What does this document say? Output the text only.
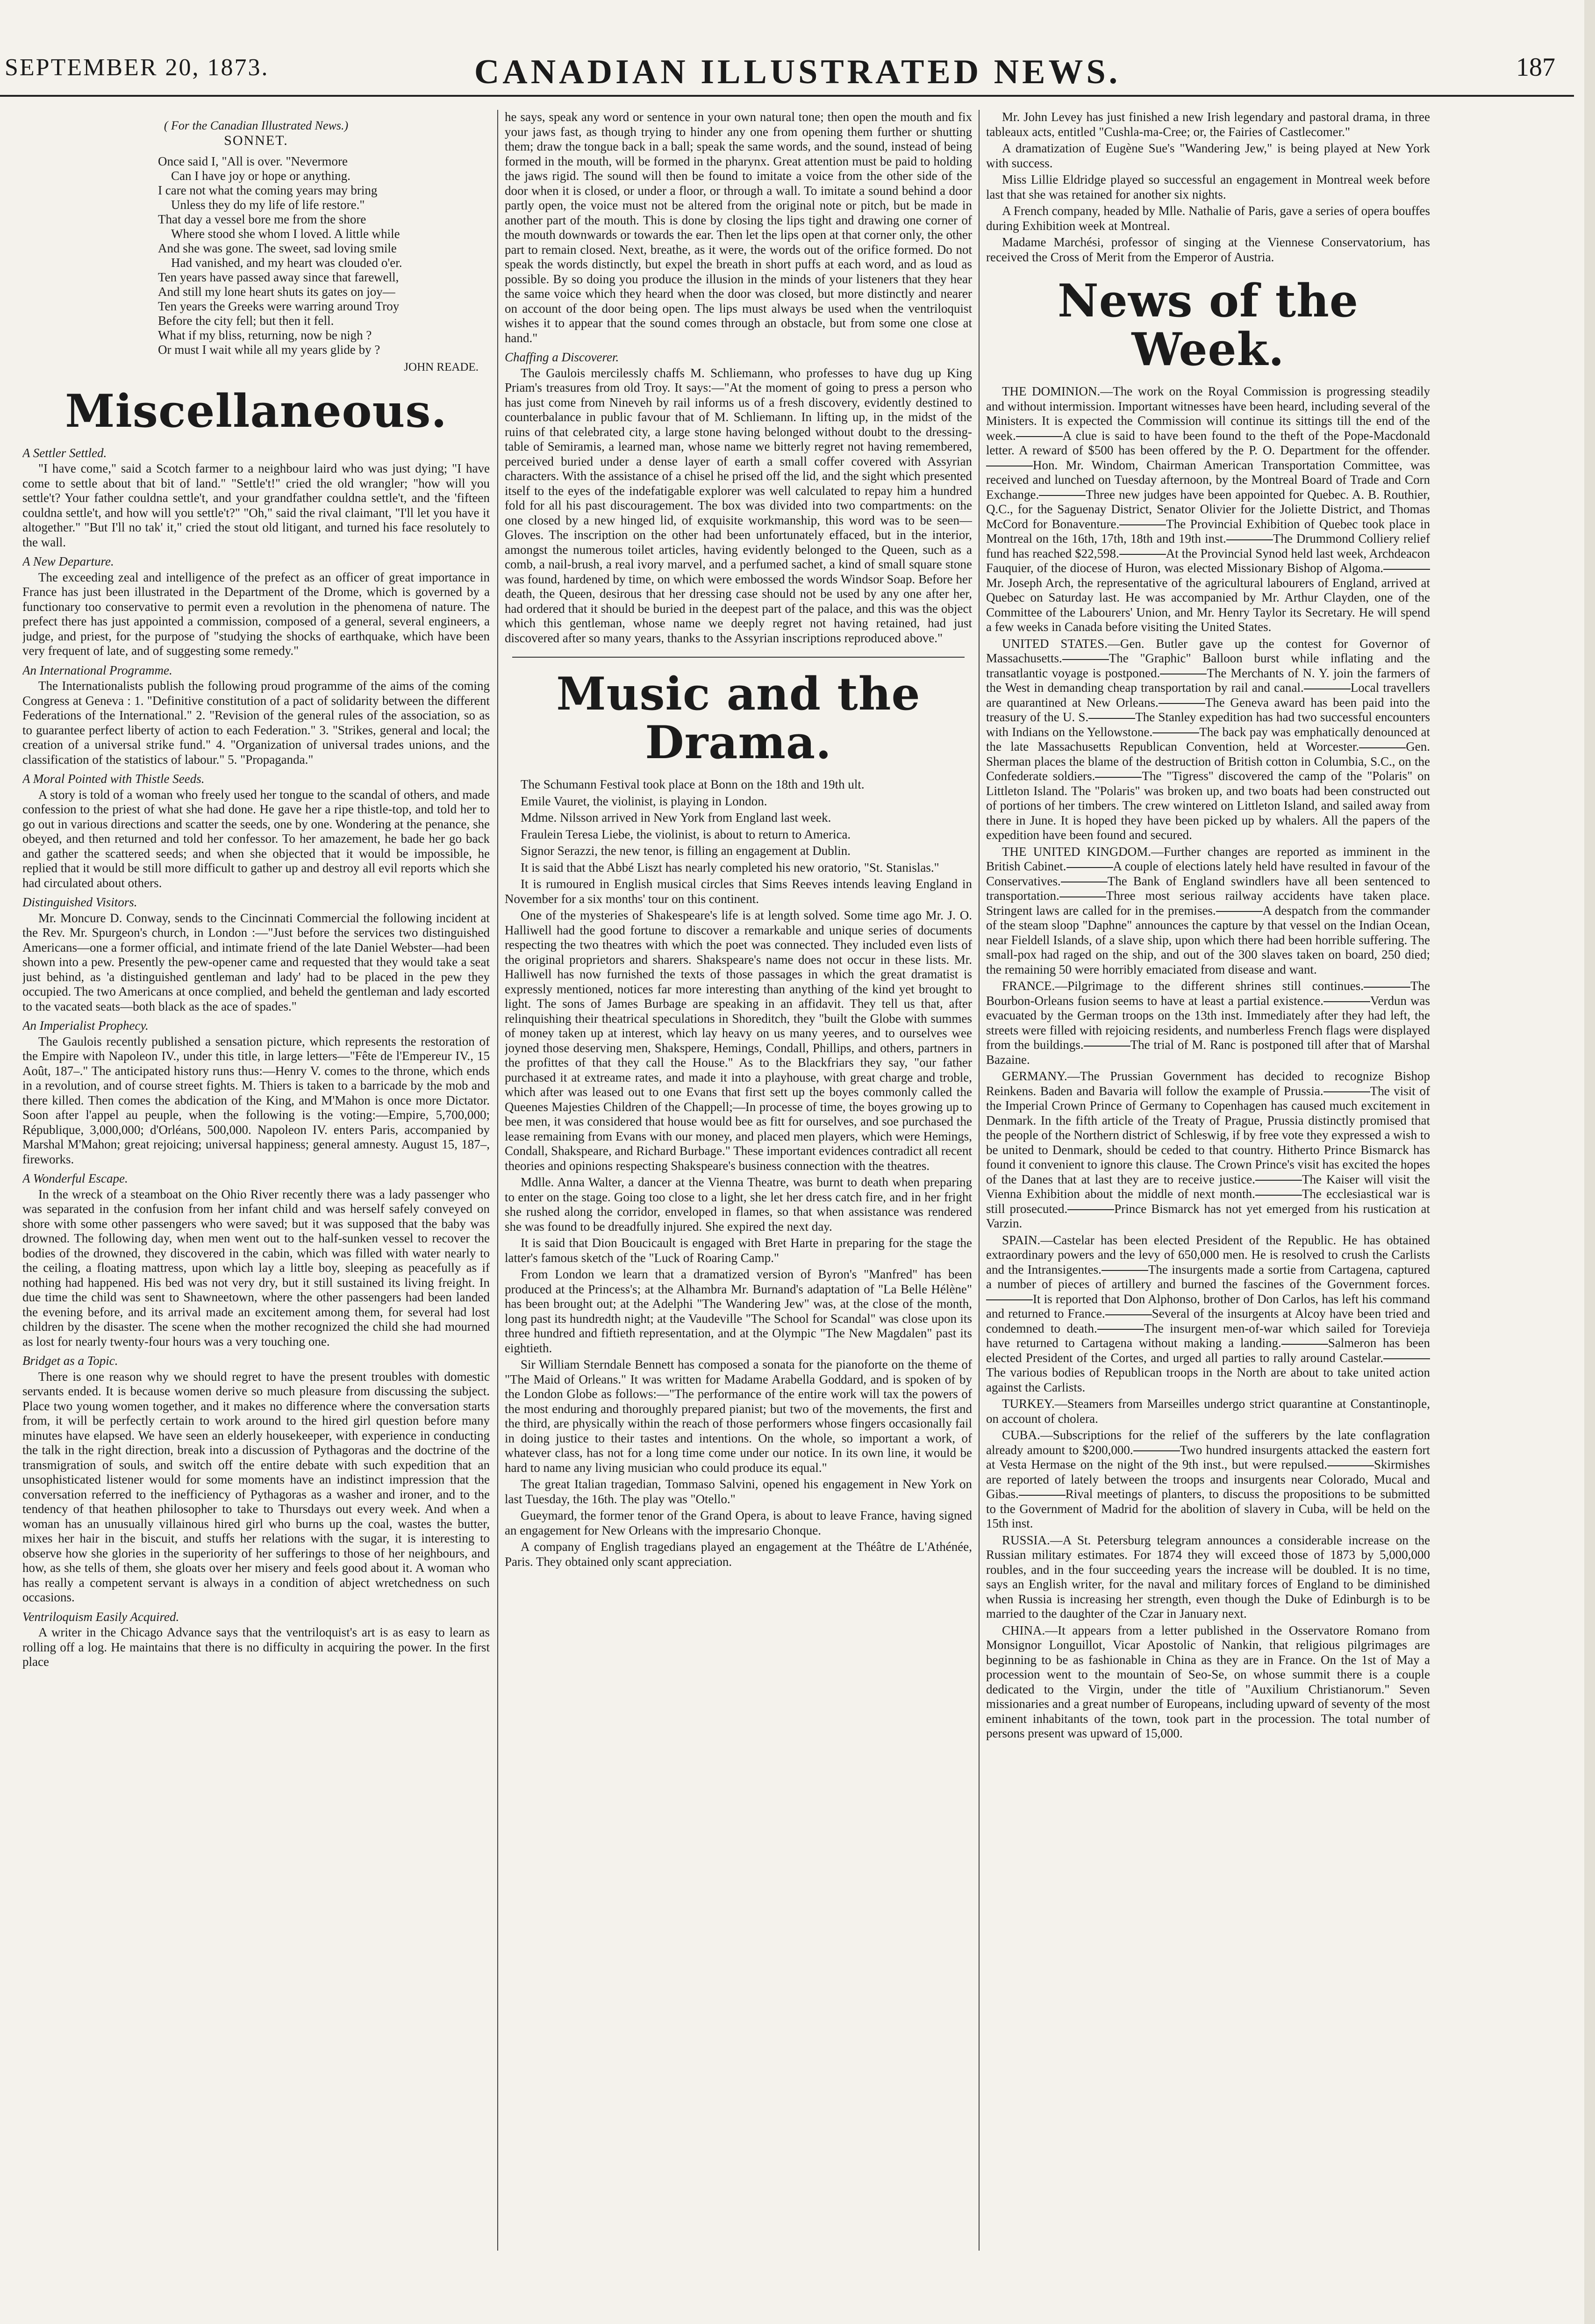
SEPTEMBER 20, 1873.	CANADIAN ILLUSTRATED NEWS.	187
( For the Canadian Illustrated News.)
SONNET.
Once said I, "All is over. "Nevermore
Can I have joy or hope or anything.
I care not what the coming years may bring
Unless they do my life of life restore."
That day a vessel bore me from the shore
Where stood she whom I loved. A little while
And she was gone. The sweet, sad loving smile
Had vanished, and my heart was clouded o'er.
Ten years have passed away since that farewell,
And still my lone heart shuts its gates on joy—
Ten years the Greeks were warring around Troy
Before the city fell; but then it fell.
What if my bliss, returning, now be nigh ?
Or must I wait while all my years glide by ?
JOHN READE.
Miscellaneous.
A Settler Settled.

"I have come," said a Scotch farmer to a neighbour laird who was just dying; "I have come to settle about that bit of land." "Settle't!" cried the old wrangler; "how will you settle't? Your father couldna settle't, and your grandfather couldna settle't, and the 'fifteen couldna settle't, and how will you settle't?" "Oh," said the rival claimant, "I'll let you have it altogether." "But I'll no tak' it," cried the stout old litigant, and turned his face resolutely to the wall.

A New Departure.

The exceeding zeal and intelligence of the prefect as an officer of great importance in France has just been illustrated in the Department of the Drome, which is governed by a functionary too conservative to permit even a revolution in the phenomena of nature. The prefect there has just appointed a commission, composed of a general, several engineers, a judge, and priest, for the purpose of "studying the shocks of earthquake, which have been very frequent of late, and of suggesting some remedy."

An International Programme.

The Internationalists publish the following proud programme of the aims of the coming Congress at Geneva : 1. "Definitive constitution of a pact of solidarity between the different Federations of the International." 2. "Revision of the general rules of the association, so as to guarantee perfect liberty of action to each Federation." 3. "Strikes, general and local; the creation of a universal strike fund." 4. "Organization of universal trades unions, and the classification of the statistics of labour." 5. "Propaganda."

A Moral Pointed with Thistle Seeds.

A story is told of a woman who freely used her tongue to the scandal of others, and made confession to the priest of what she had done. He gave her a ripe thistle-top, and told her to go out in various directions and scatter the seeds, one by one. Wondering at the penance, she obeyed, and then returned and told her confessor. To her amazement, he bade her go back and gather the scattered seeds; and when she objected that it would be impossible, he replied that it would be still more difficult to gather up and destroy all evil reports which she had circulated about others.

Distinguished Visitors.

Mr. Moncure D. Conway, sends to the Cincinnati Commercial the following incident at the Rev. Mr. Spurgeon's church, in London :—"Just before the services two distinguished Americans—one a former official, and intimate friend of the late Daniel Webster—had been shown into a pew. Presently the pew-opener came and requested that they would take a seat just behind, as 'a distinguished gentleman and lady' had to be placed in the pew they occupied. The two Americans at once complied, and beheld the gentleman and lady escorted to the vacated seats—both black as the ace of spades."

An Imperialist Prophecy.

The Gaulois recently published a sensation picture, which represents the restoration of the Empire with Napoleon IV., under this title, in large letters—"Fête de l'Empereur IV., 15 Août, 187–." The anticipated history runs thus:—Henry V. comes to the throne, which ends in a revolution, and of course street fights. M. Thiers is taken to a barricade by the mob and there killed. Then comes the abdication of the King, and M'Mahon is once more Dictator. Soon after l'appel au peuple, when the following is the voting:—Empire, 5,700,000; République, 3,000,000; d'Orléans, 500,000. Napoleon IV. enters Paris, accompanied by Marshal M'Mahon; great rejoicing; universal happiness; general amnesty. August 15, 187–, fireworks.

A Wonderful Escape.

In the wreck of a steamboat on the Ohio River recently there was a lady passenger who was separated in the confusion from her infant child and was herself safely conveyed on shore with some other passengers who were saved; but it was supposed that the baby was drowned. The following day, when men went out to the half-sunken vessel to recover the bodies of the drowned, they discovered in the cabin, which was filled with water nearly to the ceiling, a floating mattress, upon which lay a little boy, sleeping as peacefully as if nothing had happened. His bed was not very dry, but it still sustained its living freight. In due time the child was sent to Shawneetown, where the other passengers had been landed the evening before, and its arrival made an excitement among them, for several had lost children by the disaster. The scene when the mother recognized the child she had mourned as lost for nearly twenty-four hours was a very touching one.

Bridget as a Topic.

There is one reason why we should regret to have the present troubles with domestic servants ended. It is because women derive so much pleasure from discussing the subject. Place two young women together, and it makes no difference where the conversation starts from, it will be perfectly certain to work around to the hired girl question before many minutes have elapsed. We have seen an elderly housekeeper, with experience in conducting the talk in the right direction, break into a discussion of Pythagoras and the doctrine of the transmigration of souls, and switch off the entire debate with such expedition that an unsophisticated listener would for some moments have an indistinct impression that the conversation referred to the inefficiency of Pythagoras as a washer and ironer, and to the tendency of that heathen philosopher to take to Thursdays out every week. And when a woman has an unusually villainous hired girl who burns up the coal, wastes the butter, mixes her hair in the biscuit, and stuffs her relations with the sugar, it is interesting to observe how she glories in the superiority of her sufferings to those of her neighbours, and how, as she tells of them, she gloats over her misery and feels good about it. A woman who has really a competent servant is always in a condition of abject wretchedness on such occasions.

Ventriloquism Easily Acquired.

A writer in the Chicago Advance says that the ventriloquist's art is as easy to learn as rolling off a log. He maintains that there is no difficulty in acquiring the power. In the first place

he says, speak any word or sentence in your own natural tone; then open the mouth and fix your jaws fast, as though trying to hinder any one from opening them further or shutting them; draw the tongue back in a ball; speak the same words, and the sound, instead of being formed in the mouth, will be formed in the pharynx. Great attention must be paid to holding the jaws rigid. The sound will then be found to imitate a voice from the other side of the door when it is closed, or under a floor, or through a wall. To imitate a sound behind a door partly open, the voice must not be altered from the original note or pitch, but be made in another part of the mouth. This is done by closing the lips tight and drawing one corner of the mouth downwards or towards the ear. Then let the lips open at that corner only, the other part to remain closed. Next, breathe, as it were, the words out of the orifice formed. Do not speak the words distinctly, but expel the breath in short puffs at each word, and as loud as possible. By so doing you produce the illusion in the minds of your listeners that they hear the same voice which they heard when the door was closed, but more distinctly and nearer on account of the door being open. The lips must always be used when the ventriloquist wishes it to appear that the sound comes through an obstacle, but from some one close at hand."

Chaffing a Discoverer.

The Gaulois mercilessly chaffs M. Schliemann, who professes to have dug up King Priam's treasures from old Troy. It says:—"At the moment of going to press a person who has just come from Nineveh by rail informs us of a fresh discovery, evidently destined to counterbalance in public favour that of M. Schliemann. In lifting up, in the midst of the ruins of that celebrated city, a large stone having belonged without doubt to the dressing-table of Semiramis, a learned man, whose name we bitterly regret not having remembered, perceived buried under a dense layer of earth a small coffer covered with Assyrian characters. With the assistance of a chisel he prised off the lid, and the sight which presented itself to the eyes of the indefatigable explorer was well calculated to repay him a hundred fold for all his past discouragement. The box was divided into two compartments: on the one closed by a new hinged lid, of exquisite workmanship, this word was to be seen—Gloves. The inscription on the other had been unfortunately effaced, but in the interior, amongst the numerous toilet articles, having evidently belonged to the Queen, such as a comb, a nail-brush, a real ivory marvel, and a perfumed sachet, a kind of small square stone was found, hardened by time, on which were embossed the words Windsor Soap. Before her death, the Queen, desirous that her dressing case should not be used by any one after her, had ordered that it should be buried in the deepest part of the palace, and this was the object which this gentleman, whose name we deeply regret not having retained, had just discovered after so many years, thanks to the Assyrian inscriptions reproduced above."

Music and the Drama.

The Schumann Festival took place at Bonn on the 18th and 19th ult.

Emile Vauret, the violinist, is playing in London.

Mdme. Nilsson arrived in New York from England last week.

Fraulein Teresa Liebe, the violinist, is about to return to America.

Signor Serazzi, the new tenor, is filling an engagement at Dublin.

It is said that the Abbé Liszt has nearly completed his new oratorio, "St. Stanislas."

It is rumoured in English musical circles that Sims Reeves intends leaving England in November for a six months' tour on this continent.

One of the mysteries of Shakespeare's life is at length solved. Some time ago Mr. J. O. Halliwell had the good fortune to discover a remarkable and unique series of documents respecting the two theatres with which the poet was connected. They included even lists of the original proprietors and sharers. Shakspeare's name does not occur in these lists. Mr. Halliwell has now furnished the texts of those passages in which the great dramatist is expressly mentioned, notices far more interesting than anything of the kind yet brought to light. The sons of James Burbage are speaking in an affidavit. They tell us that, after relinquishing their theatrical speculations in Shoreditch, they "built the Globe with summes of money taken up at interest, which lay heavy on us many yeeres, and to ourselves wee joyned those deserving men, Shakspere, Hemings, Condall, Phillips, and others, partners in the profittes of that they call the House." As to the Blackfriars they say, "our father purchased it at extreame rates, and made it into a playhouse, with great charge and troble, which after was leased out to one Evans that first sett up the boyes commonly called the Queenes Majesties Children of the Chappell;—In processe of time, the boyes growing up to bee men, it was considered that house would bee as fitt for ourselves, and soe purchased the lease remaining from Evans with our money, and placed men players, which were Hemings, Condall, Shakspeare, and Richard Burbage." These important evidences contradict all recent theories and opinions respecting Shakspeare's business connection with the theatres.

Mdlle. Anna Walter, a dancer at the Vienna Theatre, was burnt to death when preparing to enter on the stage. Going too close to a light, she let her dress catch fire, and in her fright she rushed along the corridor, enveloped in flames, so that when assistance was rendered she was found to be dreadfully injured. She expired the next day.

It is said that Dion Boucicault is engaged with Bret Harte in preparing for the stage the latter's famous sketch of the "Luck of Roaring Camp."

From London we learn that a dramatized version of Byron's "Manfred" has been produced at the Princess's; at the Alhambra Mr. Burnand's adaptation of "La Belle Hélène" has been brought out; at the Adelphi "The Wandering Jew" was, at the close of the month, long past its hundredth night; at the Vaudeville "The School for Scandal" was close upon its three hundred and fiftieth representation, and at the Olympic "The New Magdalen" past its eightieth.

Sir William Sterndale Bennett has composed a sonata for the pianoforte on the theme of "The Maid of Orleans." It was written for Madame Arabella Goddard, and is spoken of by the London Globe as follows:—"The performance of the entire work will tax the powers of the most enduring and thoroughly prepared pianist; but two of the movements, the first and the third, are physically within the reach of those performers whose fingers occasionally fail in doing justice to their tastes and intentions. On the whole, so important a work, of whatever class, has not for a long time come under our notice. In its own line, it would be hard to name any living musician who could produce its equal."

The great Italian tragedian, Tommaso Salvini, opened his engagement in New York on last Tuesday, the 16th. The play was "Otello."

Gueymard, the former tenor of the Grand Opera, is about to leave France, having signed an engagement for New Orleans with the impresario Chonque.

A company of English tragedians played an engagement at the Théâtre de L'Athénée, Paris. They obtained only scant appreciation.

Mr. John Levey has just finished a new Irish legendary and pastoral drama, in three tableaux acts, entitled "Cushla-ma-Cree; or, the Fairies of Castlecomer."

A dramatization of Eugène Sue's "Wandering Jew," is being played at New York with success.

Miss Lillie Eldridge played so successful an engagement in Montreal week before last that she was retained for another six nights.

A French company, headed by Mlle. Nathalie of Paris, gave a series of opera bouffes during Exhibition week at Montreal.

Madame Marchési, professor of singing at the Viennese Conservatorium, has received the Cross of Merit from the Emperor of Austria.

News of the Week.

THE DOMINION.—The work on the Royal Commission is progressing steadily and without intermission. Important witnesses have been heard, including several of the Ministers. It is expected the Commission will continue its sittings till the end of the week.	A clue is said to have been found to the theft of the Pope-Macdonald letter. A reward of $500 has been offered by the P. O. Department for the offender.Hon. Mr. Windom, Chairman American Transportation Committee, was received and lunched on Tuesday afternoon, by the Montreal Board of Trade and Corn Exchange.	Three new judges have been appointed for Quebec. A. B. Routhier, Q.C., for the Saguenay District, Senator Olivier for the Joliette District, and Thomas McCord for Bonaventure.	The Provincial Exhibition of Quebec took place in Montreal on the 16th, 17th, 18th and 19th inst.	The Drummond Colliery relief fund has reached $22,598.	At the Provincial Synod held last week, Archdeacon Fauquier, of the diocese of Huron, was elected Missionary Bishop of Algoma.Mr. Joseph Arch, the representative of the agricultural labourers of England, arrived at Quebec on Saturday last. He was accompanied by Mr. Arthur Clayden, one of the Committee of the Labourers' Union, and Mr. Henry Taylor its Secretary. He will spend a few weeks in Canada before visiting the United States.

UNITED STATES.—Gen. Butler gave up the contest for Governor of Massachusetts.	The "Graphic" Balloon burst while inflating and the transatlantic voyage is postponed.	The Merchants of N. Y. join the farmers of the West in demanding cheap transportation by rail and canal.	Local travellers are quarantined at New Orleans.	The Geneva award has been paid into the treasury of the U. S.	The Stanley expedition has had two successful encounters with Indians on the Yellowstone.	The back pay was emphatically denounced at the late Massachusetts Republican Convention, held at Worcester.	Gen. Sherman places the blame of the destruction of British cotton in Columbia, S.C., on the Confederate soldiers.	The "Tigress" discovered the camp of the "Polaris" on Littleton Island. The "Polaris" was broken up, and two boats had been constructed out of portions of her timbers. The crew wintered on Littleton Island, and sailed away from there in June. It is hoped they have been picked up by whalers. All the papers of the expedition have been found and secured.

THE UNITED KINGDOM.—Further changes are reported as imminent in the British Cabinet.	A couple of elections lately held have resulted in favour of the Conservatives.	The Bank of England swindlers have all been sentenced to transportation.	Three most serious railway accidents have taken place. Stringent laws are called for in the premises.	A despatch from the commander of the steam sloop "Daphne" announces the capture by that vessel on the Indian Ocean, near Fieldell Islands, of a slave ship, upon which there had been horrible suffering. The small-pox had raged on the ship, and out of the 300 slaves taken on board, 250 died; the remaining 50 were horribly emaciated from disease and want.

FRANCE.—Pilgrimage to the different shrines still continues.	The Bourbon-Orleans fusion seems to have at least a partial existence.	Verdun was evacuated by the German troops on the 13th inst. Immediately after they had left, the streets were filled with rejoicing residents, and numberless French flags were displayed from the buildings.	The trial of M. Ranc is postponed till after that of Marshal Bazaine.

GERMANY.—The Prussian Government has decided to recognize Bishop Reinkens. Baden and Bavaria will follow the example of Prussia.	The visit of the Imperial Crown Prince of Germany to Copenhagen has caused much excitement in Denmark. In the fifth article of the Treaty of Prague, Prussia distinctly promised that the people of the Northern district of Schleswig, if by free vote they expressed a wish to be united to Denmark, should be ceded to that country. Hitherto Prince Bismarck has found it convenient to ignore this clause. The Crown Prince's visit has excited the hopes of the Danes that at last they are to receive justice.	The Kaiser will visit the Vienna Exhibition about the middle of next month.	The ecclesiastical war is still prosecuted.	Prince Bismarck has not yet emerged from his rustication at Varzin.

SPAIN.—Castelar has been elected President of the Republic. He has obtained extraordinary powers and the levy of 650,000 men. He is resolved to crush the Carlists and the Intransigentes.	The insurgents made a sortie from Cartagena, captured a number of pieces of artillery and burned the fascines of the Government forces.It is reported that Don Alphonso, brother of Don Carlos, has left his command and returned to France.	Several of the insurgents at Alcoy have been tried and condemned to death.	The insurgent men-of-war which sailed for Torevieja have returned to Cartagena without making a landing.	Salmeron has been elected President of the Cortes, and urged all parties to rally around Castelar.The various bodies of Republican troops in the North are about to take united action against the Carlists.

TURKEY.—Steamers from Marseilles undergo strict quarantine at Constantinople, on account of cholera.

CUBA.—Subscriptions for the relief of the sufferers by the late conflagration already amount to $200,000.	Two hundred insurgents attacked the eastern fort at Vesta Hermase on the night of the 9th inst., but were repulsed.	Skirmishes are reported of lately between the troops and insurgents near Colorado, Mucal and Gibas.	Rival meetings of planters, to discuss the propositions to be submitted to the Government of Madrid for the abolition of slavery in Cuba, will be held on the 15th inst.

RUSSIA.—A St. Petersburg telegram announces a considerable increase on the Russian military estimates. For 1874 they will exceed those of 1873 by 5,000,000 roubles, and in the four succeeding years the increase will be doubled. It is no time, says an English writer, for the naval and military forces of England to be diminished when Russia is increasing her strength, even though the Duke of Edinburgh is to be married to the daughter of the Czar in January next.

CHINA.—It appears from a letter published in the Osservatore Romano from Monsignor Longuillot, Vicar Apostolic of Nankin, that religious pilgrimages are beginning to be as fashionable in China as they are in France. On the 1st of May a procession went to the mountain of Seo-Se, on whose summit there is a couple dedicated to the Virgin, under the title of "Auxilium Christianorum." Seven missionaries and a great number of Europeans, including upward of seventy of the most eminent inhabitants of the town, took part in the procession. The total number of persons present was upward of 15,000.
